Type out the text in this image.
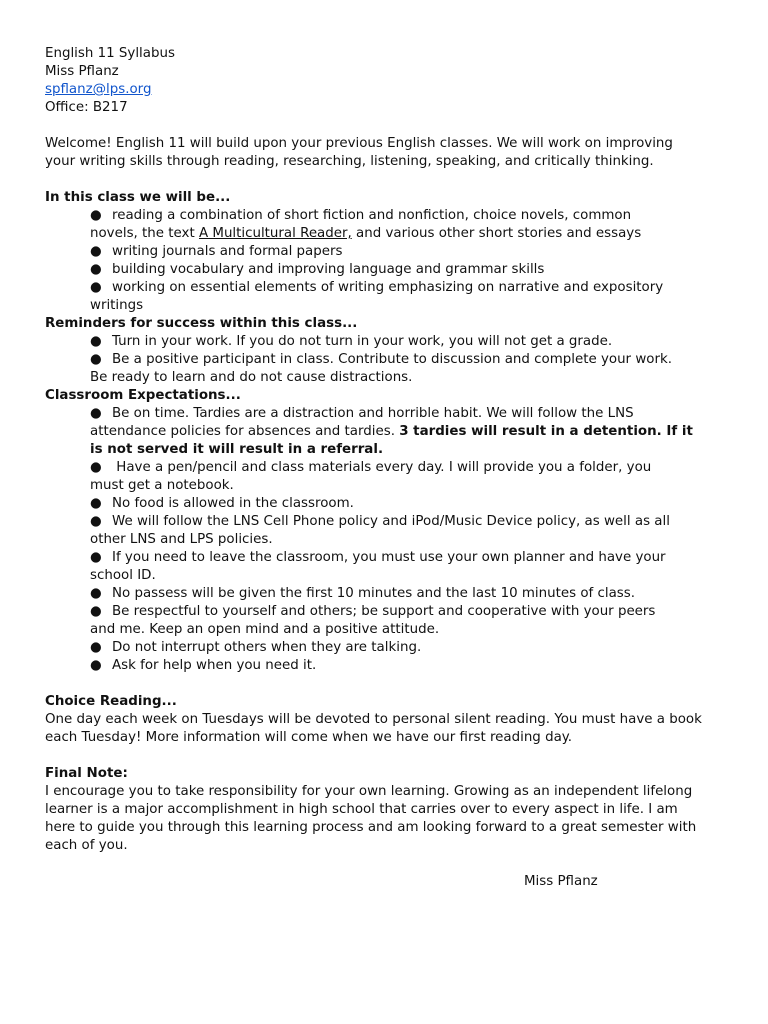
English 11 Syllabus

Miss Pflanz

spflanz@lps.org

Office: B217

Welcome! English 11 will build upon your previous English classes. We will work on improving

your writing skills through reading, researching, listening, speaking, and critically thinking.

In this class we will be...

● reading a combination of short fiction and nonfiction, choice novels, common

novels, the text A Multicultural Reader, and various other short stories and essays

● writing journals and formal papers
● building vocabulary and improving language and grammar skills
● working on essential elements of writing emphasizing on narrative and expository

writings

Reminders for success within this class...

● Turn in your work. If you do not turn in your work, you will not get a grade.
● Be a positive participant in class. Contribute to discussion and complete your work.

Be ready to learn and do not cause distractions.

Classroom Expectations...

● Be on time. Tardies are a distraction and horrible habit. We will follow the LNS
attendance policies for absences and tardies. 3 tardies will result in a detention. If it
is not served it will result in a referral.
● Have a pen/pencil and class materials every day. I will provide you a folder, you
must get a notebook.
● No food is allowed in the classroom.
● We will follow the LNS Cell Phone policy and iPod/Music Device policy, as well as all
other LNS and LPS policies.
● If you need to leave the classroom, you must use your own planner and have your
school ID.
● No passess will be given the first 10 minutes and the last 10 minutes of class.
● Be respectful to yourself and others; be support and cooperative with your peers

and me. Keep an open mind and a positive attitude.

● Do not interrupt others when they are talking.
● Ask for help when you need it.

Choice Reading...

One day each week on Tuesdays will be devoted to personal silent reading. You must have a book

each Tuesday! More information will come when we have our first reading day.

Final Note:

I encourage you to take responsibility for your own learning. Growing as an independent lifelong

learner is a major accomplishment in high school that carries over to every aspect in life. I am

here to guide you through this learning process and am looking forward to a great semester with

each of you.

Miss Pflanz
